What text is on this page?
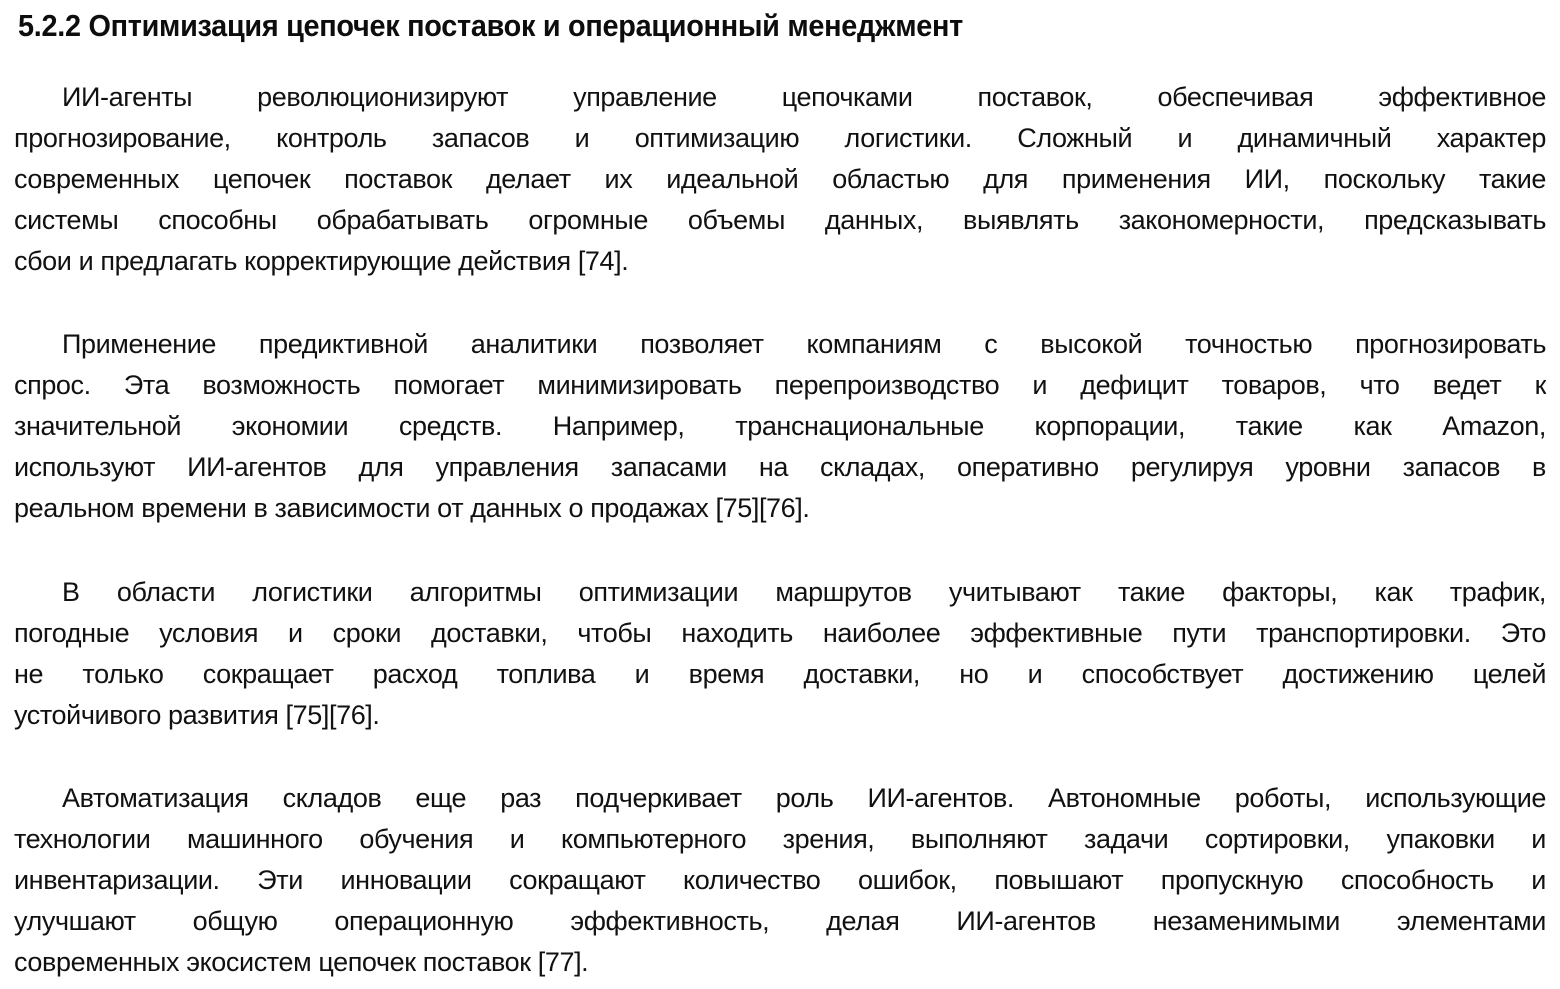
5.2.2 Оптимизация цепочек поставок и операционный менеджмент
ИИ-агенты революционизируют управление цепочками поставок, обеспечивая эффективное
прогнозирование, контроль запасов и оптимизацию логистики. Сложный и динамичный характер
современных цепочек поставок делает их идеальной областью для применения ИИ, поскольку такие
системы способны обрабатывать огромные объемы данных, выявлять закономерности, предсказывать
сбои и предлагать корректирующие действия [74].
Применение предиктивной аналитики позволяет компаниям с высокой точностью прогнозировать
спрос. Эта возможность помогает минимизировать перепроизводство и дефицит товаров, что ведет к
значительной экономии средств. Например, транснациональные корпорации, такие как Amazon,
используют ИИ-агентов для управления запасами на складах, оперативно регулируя уровни запасов в
реальном времени в зависимости от данных о продажах [75][76].
В области логистики алгоритмы оптимизации маршрутов учитывают такие факторы, как трафик,
погодные условия и сроки доставки, чтобы находить наиболее эффективные пути транспортировки. Это
не только сокращает расход топлива и время доставки, но и способствует достижению целей
устойчивого развития [75][76].
Автоматизация складов еще раз подчеркивает роль ИИ-агентов. Автономные роботы, использующие
технологии машинного обучения и компьютерного зрения, выполняют задачи сортировки, упаковки и
инвентаризации. Эти инновации сокращают количество ошибок, повышают пропускную способность и
улучшают общую операционную эффективность, делая ИИ-агентов незаменимыми элементами
современных экосистем цепочек поставок [77].
